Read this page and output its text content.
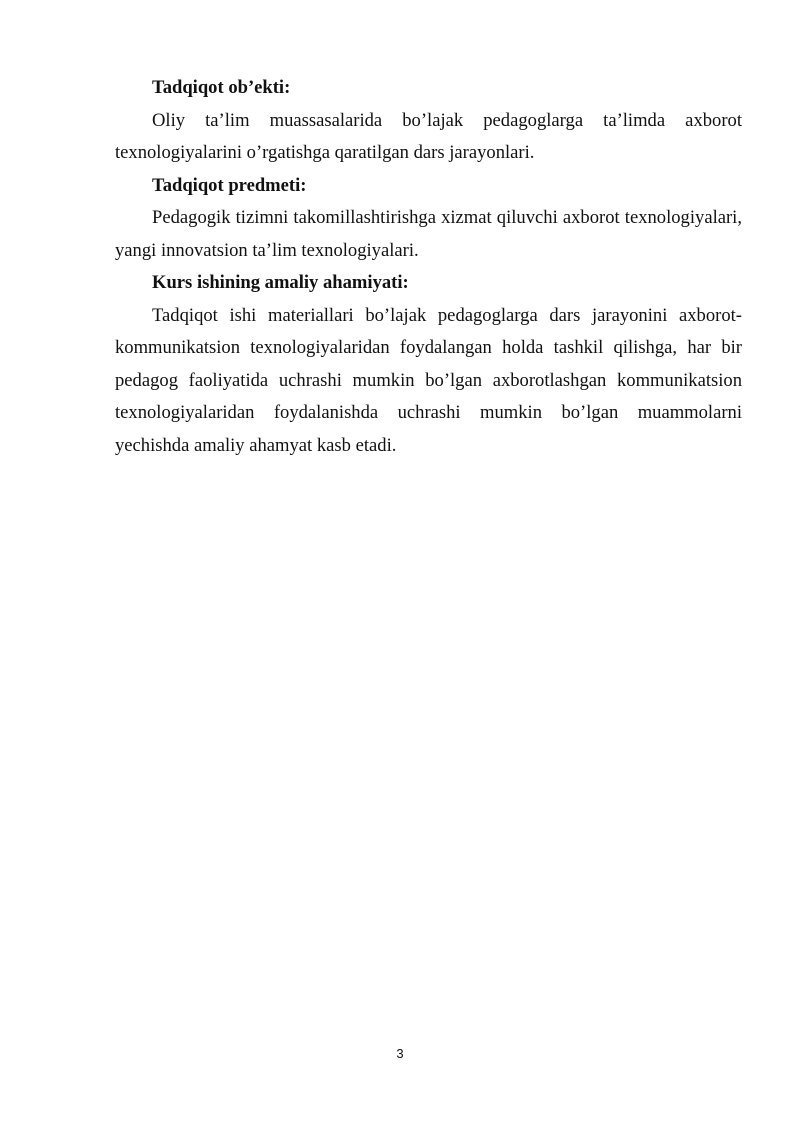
Tadqiqot ob’ekti:

Oliy ta’lim muassasalarida bo’lajak pedagoglarga ta’limda axborot texnologiyalarini o’rgatishga qaratilgan dars jarayonlari.

Tadqiqot predmeti:

Pedagogik tizimni takomillashtirishga xizmat qiluvchi axborot texnologiyalari, yangi innovatsion ta’lim texnologiyalari.

Kurs ishining amaliy ahamiyati:

Tadqiqot ishi materiallari bo’lajak pedagoglarga dars jarayonini axborot-kommunikatsion texnologiyalaridan foydalangan holda tashkil qilishga, har bir pedagog faoliyatida uchrashi mumkin bo’lgan axborotlashgan kommunikatsion texnologiyalaridan foydalanishda uchrashi mumkin bo’lgan muammolarni yechishda amaliy ahamyat kasb etadi.

3
